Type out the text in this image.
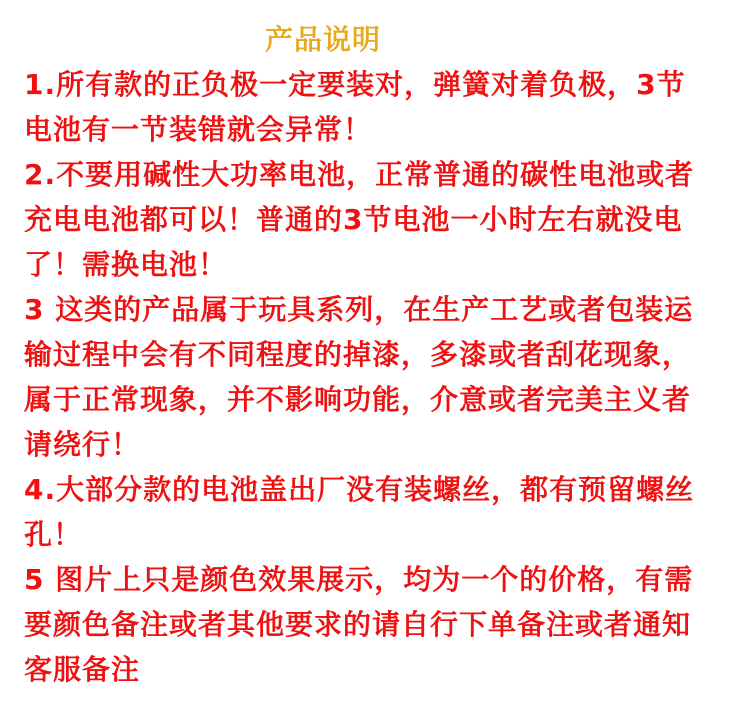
产品说明
1.所有款的正负极一定要装对，弹簧对着负极，3节
电池有一节装错就会异常！
2.不要用碱性大功率电池，正常普通的碳性电池或者
充电电池都可以！普通的3节电池一小时左右就没电
了！需换电池！
3 这类的产品属于玩具系列，在生产工艺或者包装运
输过程中会有不同程度的掉漆，多漆或者刮花现象，
属于正常现象，并不影响功能，介意或者完美主义者
请绕行！
4.大部分款的电池盖出厂没有装螺丝，都有预留螺丝
孔！
5 图片上只是颜色效果展示，均为一个的价格，有需
要颜色备注或者其他要求的请自行下单备注或者通知
客服备注
